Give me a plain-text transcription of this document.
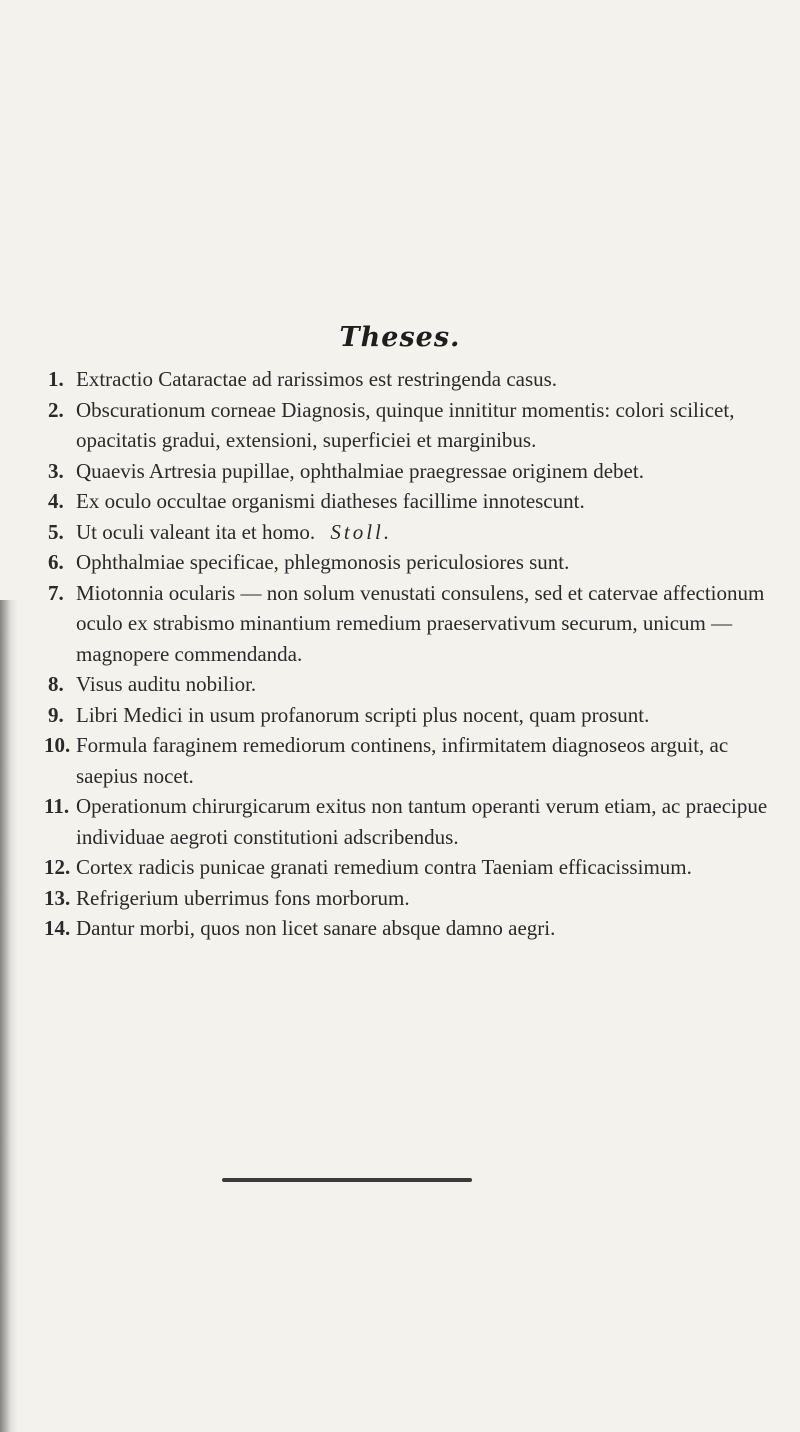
Theses.
1. Extractio Cataractae ad rarissimos est restringenda casus.
2. Obscurationum corneae Diagnosis, quinque innititur momentis: colori scilicet, opacitatis gradui, extensioni, superficiei et marginibus.
3. Quaevis Artresia pupillae, ophthalmiae praegressae originem debet.
4. Ex oculo occultae organismi diatheses facillime innotescunt.
5. Ut oculi valeant ita et homo. Stoll.
6. Ophthalmiae specificae, phlegmonosis periculosiores sunt.
7. Miotonnia ocularis — non solum venustati consulens, sed et catervae affectionum oculo ex strabismo minantium remedium praeservativum securum, unicum — magnopere commendanda.
8. Visus auditu nobilior.
9. Libri Medici in usum profanorum scripti plus nocent, quam prosunt.
10. Formula faraginem remediorum continens, infirmitatem diagnoseos arguit, ac saepius nocet.
11. Operationum chirurgicarum exitus non tantum operanti verum etiam, ac praecipue individuae aegroti constitutioni adscribendus.
12. Cortex radicis punicae granati remedium contra Taeniam efficacissimum.
13. Refrigerium uberrimus fons morborum.
14. Dantur morbi, quos non licet sanare absque damno aegri.
